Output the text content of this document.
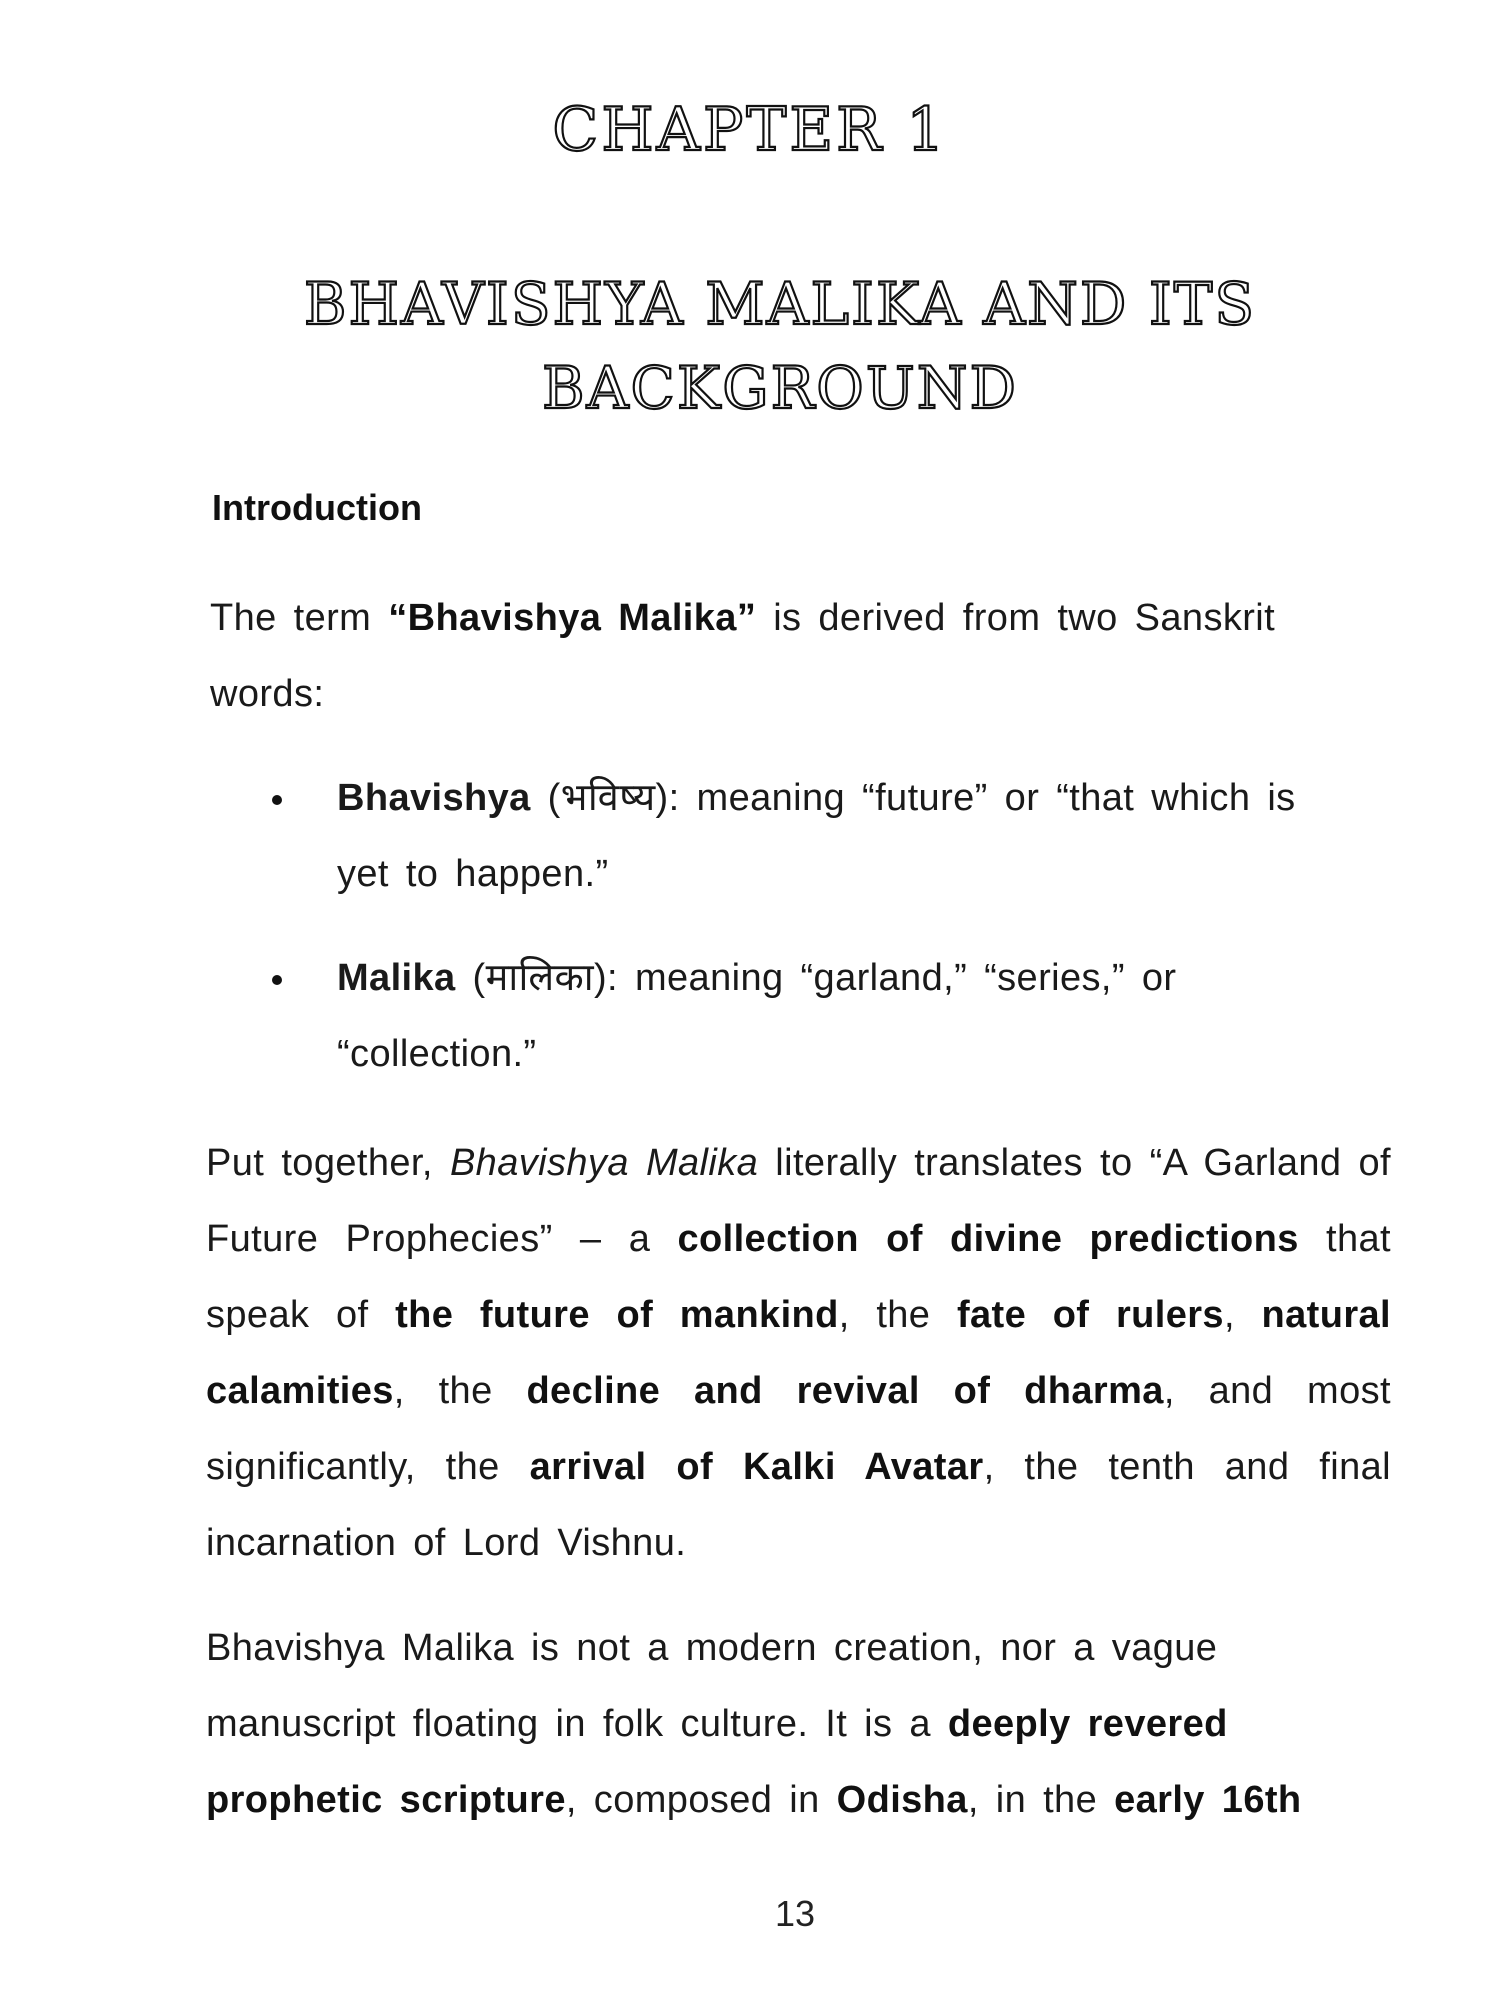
CHAPTER 1
BHAVISHYA MALIKA AND ITS
BACKGROUND
Introduction

The term “Bhavishya Malika” is derived from two Sanskrit words:

Bhavishya (भविष्य): meaning “future” or “that which is yet to happen.”
Malika (मालिका): meaning “garland,” “series,” or “collection.”

Put together, Bhavishya Malika literally translates to “A Garland of Future Prophecies” – a collection of divine predictions that speak of the future of mankind, the fate of rulers, natural calamities, the decline and revival of dharma, and most significantly, the arrival of Kalki Avatar, the tenth and final incarnation of Lord Vishnu.

Bhavishya Malika is not a modern creation, nor a vague manuscript floating in folk culture. It is a deeply revered prophetic scripture, composed in Odisha, in the early 16th

13
